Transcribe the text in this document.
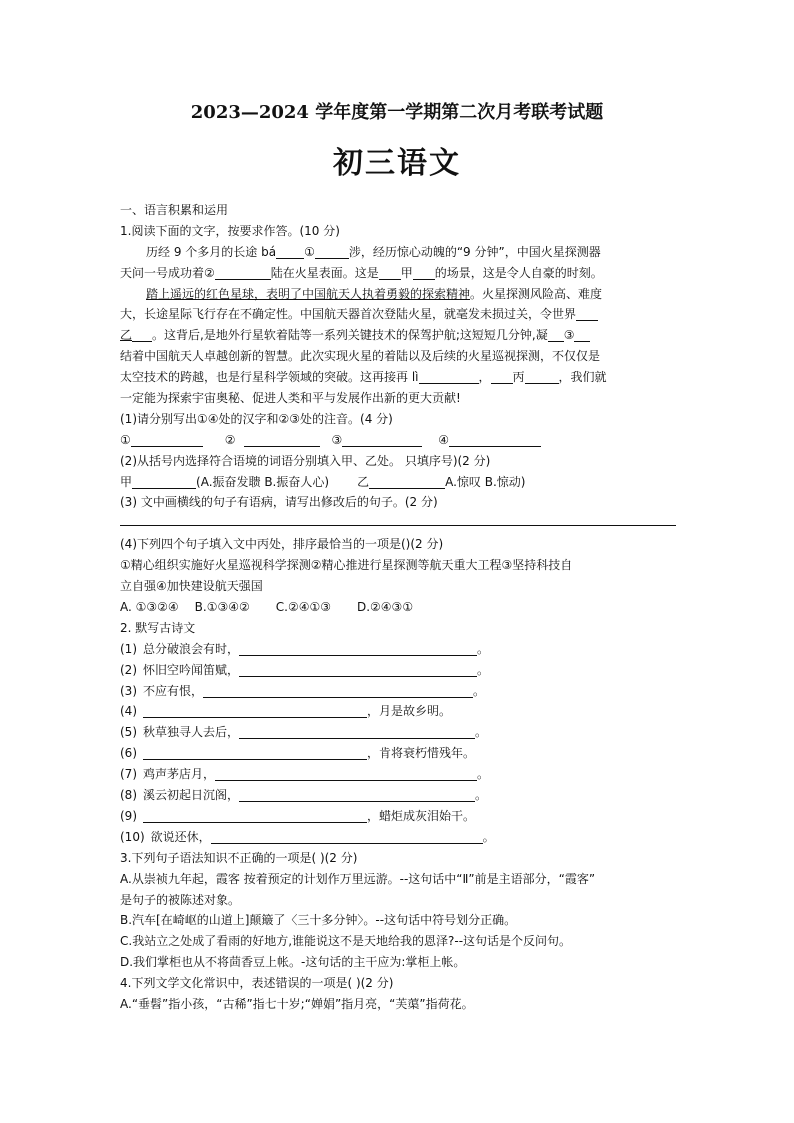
2023—2024 学年度第一学期第二次月考联考试题
初三语文
一、语言积累和运用
1.阅读下面的文字，按要求作答。(10 分)
历经 9 个多月的长途 bá ①	涉，经历惊心动魄的“9 分钟”，中国火星探测器
天问一号成功着②	陆在火星表面。这是 甲 的场景，这是令人自豪的时刻。
踏上遥远的红色星球，表明了中国航天人执着勇毅的探索精神。火星探测风险高、难度
大，长途星际飞行存在不确定性。中国航天器首次登陆火星，就毫发未损过关，令世界
乙 。这背后,是地外行星软着陆等一系列关键技术的保驾护航;这短短几分钟,凝 ③
结着中国航天人卓越创新的智慧。此次实现火星的着陆以及后续的火星巡视探测，不仅仅是
太空技术的跨越，也是行星科学领域的突破。这再接再 lì	， 丙	，我们就
一定能为探索宇宙奥秘、促进人类和平与发展作出新的更大贡献!
(1)请分别写出①④处的汉字和②③处的注音。(4 分)
①	②	③	④
(2)从括号内选择符合语境的词语分别填入甲、乙处。 只填序号)(2 分)
甲	(A.振奋发聩 B.振奋人心) 乙	A.惊叹 B.惊动)
(3) 文中画横线的句子有语病，请写出修改后的句子。(2 分)
(4)下列四个句子填入文中丙处，排序最恰当的一项是()(2 分)
①精心组织实施好火星巡视科学探测②精心推进行星探测等航天重大工程③坚持科技自
立自强④加快建设航天强国
A. ①③②④ B.①③④② C.②④①③ D.②④③①
2. 默写古诗文
(1) 总分破浪会有时，	。
(2) 怀旧空吟闻笛赋，	。
(3) 不应有恨，	。
(4)	，月是故乡明。
(5) 秋草独寻人去后，	。
(6)	，肯将衰朽惜残年。
(7) 鸡声茅店月，	。
(8) 溪云初起日沉阁，	。
(9)	，蜡炬成灰泪始干。
(10) 欲说还休，	。
3.下列句子语法知识不正确的一项是( )(2 分)
A.从崇祯九年起，霞客 按着预定的计划作万里远游。--这句话中“Ⅱ”前是主语部分，“霞客”
是句子的被陈述对象。
B.汽车[在崎岖的山道上]颠簸了〈三十多分钟〉。--这句话中符号划分正确。
C.我站立之处成了看雨的好地方,谁能说这不是天地给我的恩泽?--这句话是个反问句。
D.我们掌柜也从不将茴香豆上帐。-这句话的主干应为:掌柜上帐。
4.下列文学文化常识中，表述错误的一项是( )(2 分)
A.“垂髫”指小孩，“古稀”指七十岁;“婵娟”指月亮，“芙蕖”指荷花。
